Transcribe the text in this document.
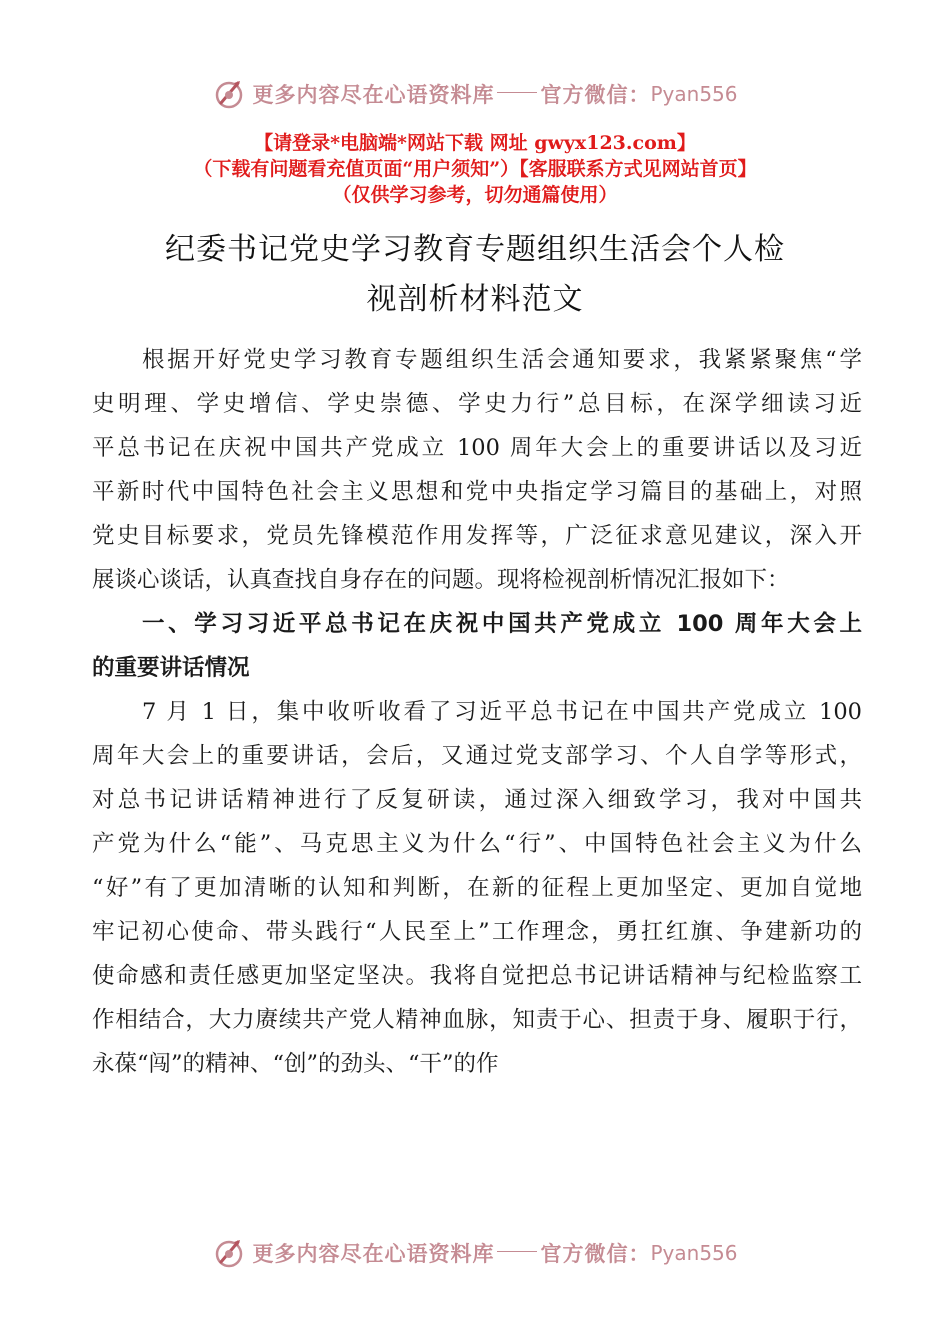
更多内容尽在心语资料库 官方微信： Pyan556
【请登录*电脑端*网站下载 网址 gwyx123.com】
（下载有问题看充值页面“用户须知”）【客服联系方式见网站首页】
（仅供学习参考，切勿通篇使用）
纪委书记党史学习教育专题组织生活会个人检
视剖析材料范文
根据开好党史学习教育专题组织生活会通知要求，我紧紧聚焦“学
史明理、学史增信、学史崇德、学史力行”总目标，在深学细读习近
平总书记在庆祝中国共产党成立 100 周年大会上的重要讲话以及习近
平新时代中国特色社会主义思想和党中央指定学习篇目的基础上，对照
党史目标要求，党员先锋模范作用发挥等，广泛征求意见建议，深入开
展谈心谈话，认真查找自身存在的问题。现将检视剖析情况汇报如下：
一、学习习近平总书记在庆祝中国共产党成立 100 周年大会上
的重要讲话情况
7 月 1 日，集中收听收看了习近平总书记在中国共产党成立 100
周年大会上的重要讲话，会后，又通过党支部学习、个人自学等形式，
对总书记讲话精神进行了反复研读，通过深入细致学习，我对中国共
产党为什么“能”、马克思主义为什么“行”、中国特色社会主义为什么
“好”有了更加清晰的认知和判断，在新的征程上更加坚定、更加自觉地
牢记初心使命、带头践行“人民至上”工作理念，勇扛红旗、争建新功的
使命感和责任感更加坚定坚决。我将自觉把总书记讲话精神与纪检监察工
作相结合，大力赓续共产党人精神血脉，知责于心、担责于身、履职于行，
永葆“闯”的精神、“创”的劲头、“干”的作
更多内容尽在心语资料库 官方微信： Pyan556
